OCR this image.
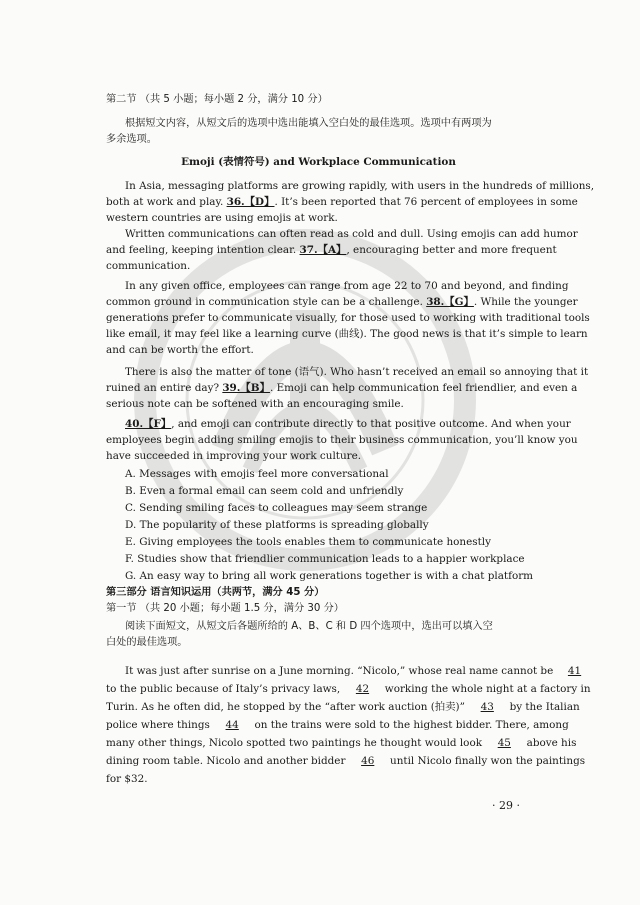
第二节 （共 5 小题；每小题 2 分，满分 10 分）
根据短文内容，从短文后的选项中选出能填入空白处的最佳选项。选项中有两项为
多余选项。
Emoji (表情符号) and Workplace Communication
In Asia, messaging platforms are growing rapidly, with users in the hundreds of millions,
both at work and play. 36.【D】. It’s been reported that 76 percent of employees in some
western countries are using emojis at work.
Written communications can often read as cold and dull. Using emojis can add humor
and feeling, keeping intention clear. 37.【A】, encouraging better and more frequent
communication.
In any given office, employees can range from age 22 to 70 and beyond, and finding
common ground in communication style can be a challenge. 38.【G】. While the younger
generations prefer to communicate visually, for those used to working with traditional tools
like email, it may feel like a learning curve (曲线). The good news is that it’s simple to learn
and can be worth the effort.
There is also the matter of tone (语气). Who hasn’t received an email so annoying that it
ruined an entire day? 39.【B】. Emoji can help communication feel friendlier, and even a
serious note can be softened with an encouraging smile.
40.【F】, and emoji can contribute directly to that positive outcome. And when your
employees begin adding smiling emojis to their business communication, you’ll know you
have succeeded in improving your work culture.
A. Messages with emojis feel more conversational
B. Even a formal email can seem cold and unfriendly
C. Sending smiling faces to colleagues may seem strange
D. The popularity of these platforms is spreading globally
E. Giving employees the tools enables them to communicate honestly
F. Studies show that friendlier communication leads to a happier workplace
G. An easy way to bring all work generations together is with a chat platform
第三部分 语言知识运用（共两节，满分 45 分）
第一节 （共 20 小题；每小题 1.5 分，满分 30 分）
阅读下面短文，从短文后各题所给的 A、B、C 和 D 四个选项中，选出可以填入空
白处的最佳选项。
It was just after sunrise on a June morning. “Nicolo,” whose real name cannot be 41
to the public because of Italy’s privacy laws, 42 working the whole night at a factory in
Turin. As he often did, he stopped by the “after work auction (拍卖)” 43 by the Italian
police where things 44 on the trains were sold to the highest bidder. There, among
many other things, Nicolo spotted two paintings he thought would look 45 above his
dining room table. Nicolo and another bidder 46 until Nicolo finally won the paintings
for $32.
· 29 ·
